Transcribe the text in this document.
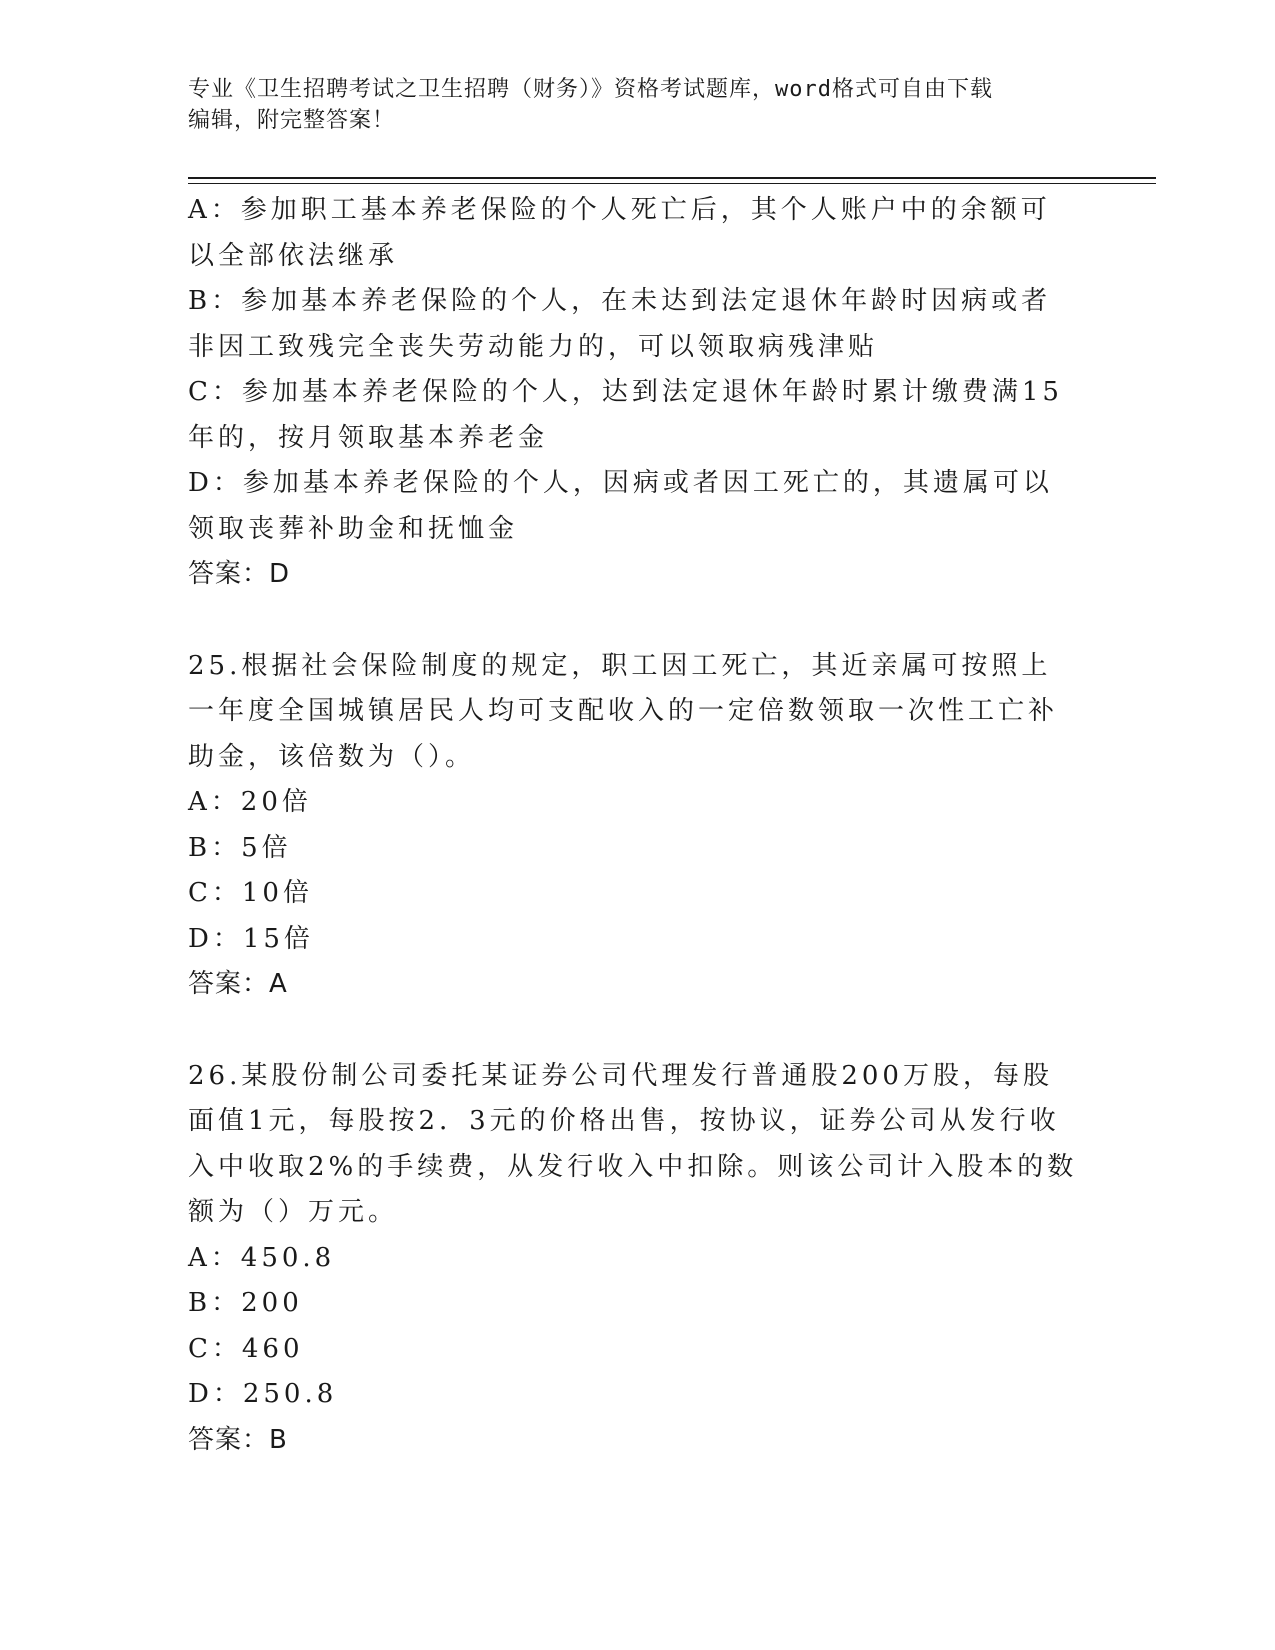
专业《卫生招聘考试之卫生招聘（财务）》资格考试题库，word格式可自由下载
编辑，附完整答案！

A：参加职工基本养老保险的个人死亡后，其个人账户中的余额可以全部依法继承

B：参加基本养老保险的个人，在未达到法定退休年龄时因病或者非因工致残完全丧失劳动能力的，可以领取病残津贴

C：参加基本养老保险的个人，达到法定退休年龄时累计缴费满15年的，按月领取基本养老金

D：参加基本养老保险的个人，因病或者因工死亡的，其遗属可以领取丧葬补助金和抚恤金

答案：D

25.根据社会保险制度的规定，职工因工死亡，其近亲属可按照上一年度全国城镇居民人均可支配收入的一定倍数领取一次性工亡补助金，该倍数为（）。

A：20倍

B：5倍

C：10倍

D：15倍

答案：A

26.某股份制公司委托某证券公司代理发行普通股200万股，每股面值1元，每股按2．3元的价格出售，按协议，证券公司从发行收入中收取2%的手续费，从发行收入中扣除。则该公司计入股本的数额为（）万元。

A：450.8

B：200

C：460

D：250.8

答案：B
